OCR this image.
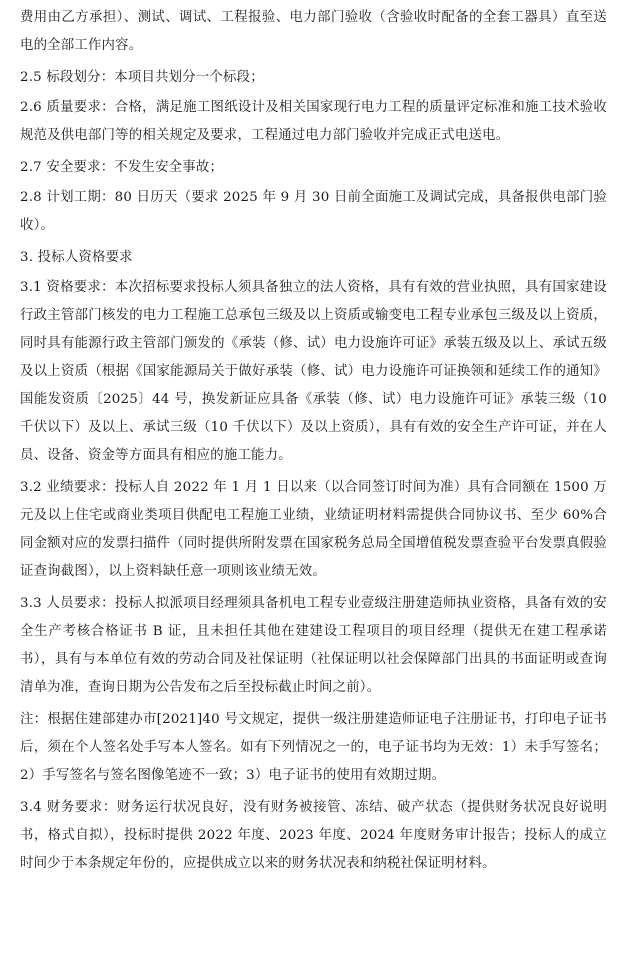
费用由乙方承担）、测试、调试、工程报验、电力部门验收（含验收时配备的全套工器具）直至送电的全部工作内容。

2.5 标段划分：本项目共划分一个标段；

2.6 质量要求：合格，满足施工图纸设计及相关国家现行电力工程的质量评定标准和施工技术验收规范及供电部门等的相关规定及要求，工程通过电力部门验收并完成正式电送电。

2.7 安全要求：不发生安全事故；

2.8 计划工期：80 日历天（要求 2025 年 9 月 30 日前全面施工及调试完成，具备报供电部门验收）。

3. 投标人资格要求

3.1 资格要求：本次招标要求投标人须具备独立的法人资格，具有有效的营业执照，具有国家建设行政主管部门核发的电力工程施工总承包三级及以上资质或输变电工程专业承包三级及以上资质，同时具有能源行政主管部门颁发的《承装（修、试）电力设施许可证》承装五级及以上、承试五级及以上资质（根据《国家能源局关于做好承装（修、试）电力设施许可证换领和延续工作的通知》国能发资质〔2025〕44 号，换发新证应具备《承装（修、试）电力设施许可证》承装三级（10 千伏以下）及以上、承试三级（10 千伏以下）及以上资质），具有有效的安全生产许可证，并在人员、设备、资金等方面具有相应的施工能力。

3.2 业绩要求：投标人自 2022 年 1 月 1 日以来（以合同签订时间为准）具有合同额在 1500 万元及以上住宅或商业类项目供配电工程施工业绩，业绩证明材料需提供合同协议书、至少 60%合同金额对应的发票扫描件（同时提供所附发票在国家税务总局全国增值税发票查验平台发票真假验证查询截图），以上资料缺任意一项则该业绩无效。

3.3 人员要求：投标人拟派项目经理须具备机电工程专业壹级注册建造师执业资格，具备有效的安全生产考核合格证书 B 证，且未担任其他在建建设工程项目的项目经理（提供无在建工程承诺书），具有与本单位有效的劳动合同及社保证明（社保证明以社会保障部门出具的书面证明或查询清单为准，查询日期为公告发布之后至投标截止时间之前）。

注：根据住建部建办市[2021]40 号文规定，提供一级注册建造师证电子注册证书，打印电子证书后，须在个人签名处手写本人签名。如有下列情况之一的，电子证书均为无效：1）未手写签名；2）手写签名与签名图像笔迹不一致；3）电子证书的使用有效期过期。

3.4 财务要求：财务运行状况良好，没有财务被接管、冻结、破产状态（提供财务状况良好说明书，格式自拟），投标时提供 2022 年度、2023 年度、2024 年度财务审计报告；投标人的成立时间少于本条规定年份的，应提供成立以来的财务状况表和纳税社保证明材料。
